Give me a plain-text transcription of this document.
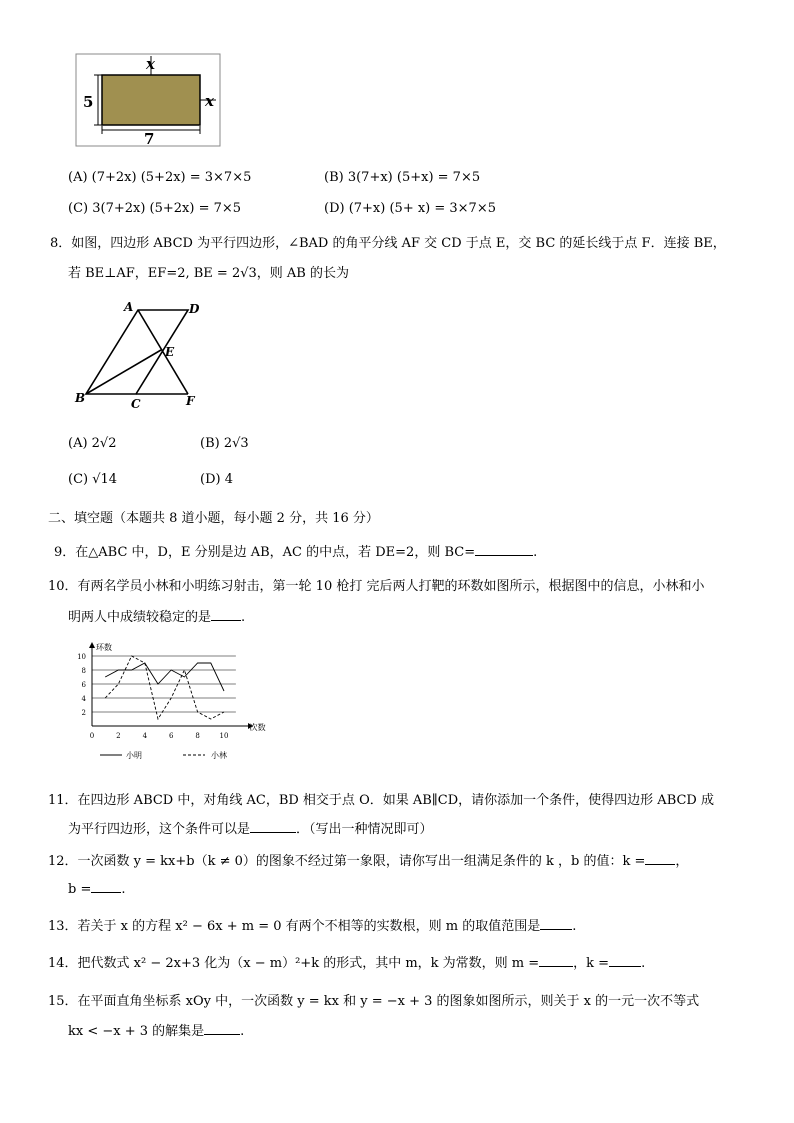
x
x
5
7
(A) (7+2x) (5+2x) = 3×7×5	(B) 3(7+x) (5+x) = 7×5
(C) 3(7+2x) (5+2x) = 7×5	(D) (7+x) (5+ x) = 3×7×5
8．如图，四边形 ABCD 为平行四边形，∠BAD 的角平分线 AF 交 CD 于点 E，交 BC 的延长线于点 F．连接 BE，
若 BE⊥AF，EF=2, BE = 2√3，则 AB 的长为
A	D
E
B	C	F
(A) 2√2	(B) 2√3
(C) √14	(D) 4
二、填空题（本题共 8 道小题，每小题 2 分，共 16 分）
9．在△ABC 中，D，E 分别是边 AB，AC 的中点，若 DE=2，则 BC=	.
10．有两名学员小林和小明练习射击，第一轮 10 枪打 完后两人打靶的环数如图所示，根据图中的信息，小林和小
明两人中成绩较稳定的是 .
环数
次数
2
4
6
8
10
0	2	4	6	8	10
小明	小林
11．在四边形 ABCD 中，对角线 AC，BD 相交于点 O．如果 AB∥CD，请你添加一个条件，使得四边形 ABCD 成
为平行四边形，这个条件可以是	．（写出一种情况即可）
12．一次函数 y = kx+b（k ≠ 0）的图象不经过第一象限，请你写出一组满足条件的 k ，b 的值：k = ，
b = .
13．若关于 x 的方程 x² − 6x + m = 0 有两个不相等的实数根，则 m 的取值范围是 .
14．把代数式 x² − 2x+3 化为（x − m）²+k 的形式，其中 m，k 为常数，则 m =	，k = .
15．在平面直角坐标系 xOy 中，一次函数 y = kx 和 y = −x + 3 的图象如图所示，则关于 x 的一元一次不等式
kx < −x + 3 的解集是	.
